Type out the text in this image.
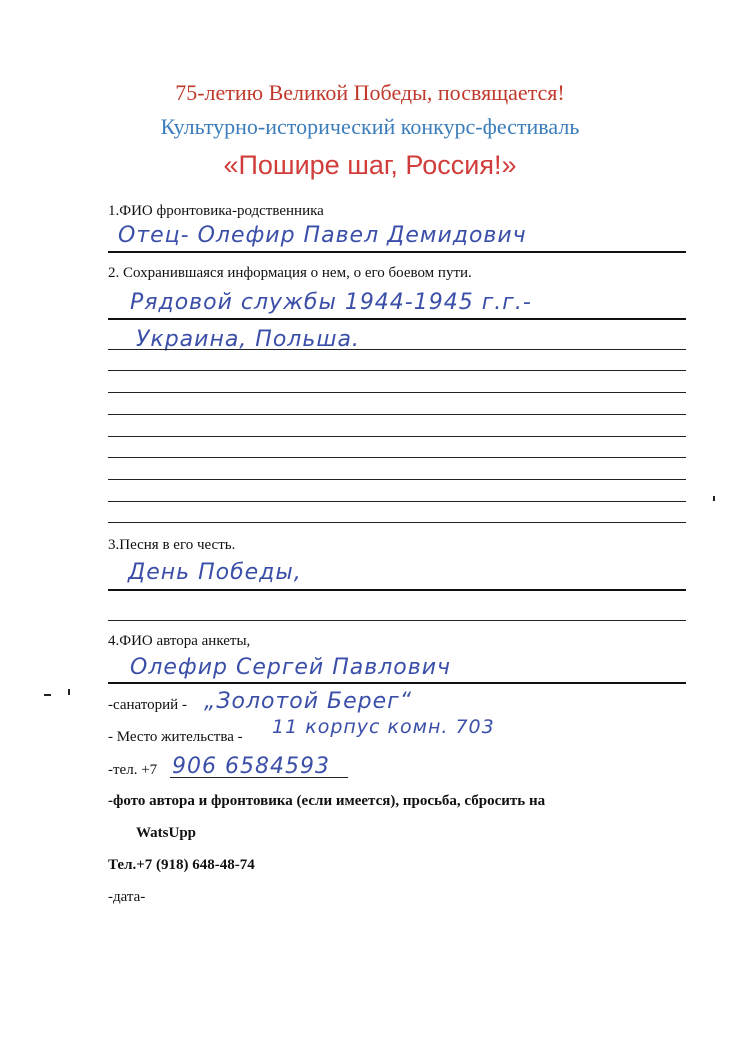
75-летию Великой Победы, посвящается!
Культурно-исторический конкурс-фестиваль
«Пошире шаг, Россия!»
1.ФИО фронтовика-родственника
Отец- Олефир Павел Демидович
2. Сохранившаяся информация о нем, о его боевом пути.
Рядовой службы 1944-1945 г.г.-
Украина, Польша.
3.Песня в его честь.
День Победы,
4.ФИО автора анкеты,
Олефир Сергей Павлович
-санаторий - „Золотой Берег“
- Место жительства - 11 корпус комн. 703
-тел. +7 906 6584593
-фото автора и фронтовика (если имеется), просьба, сбросить на
WatsUpp
Тел.+7 (918) 648-48-74
-дата-
